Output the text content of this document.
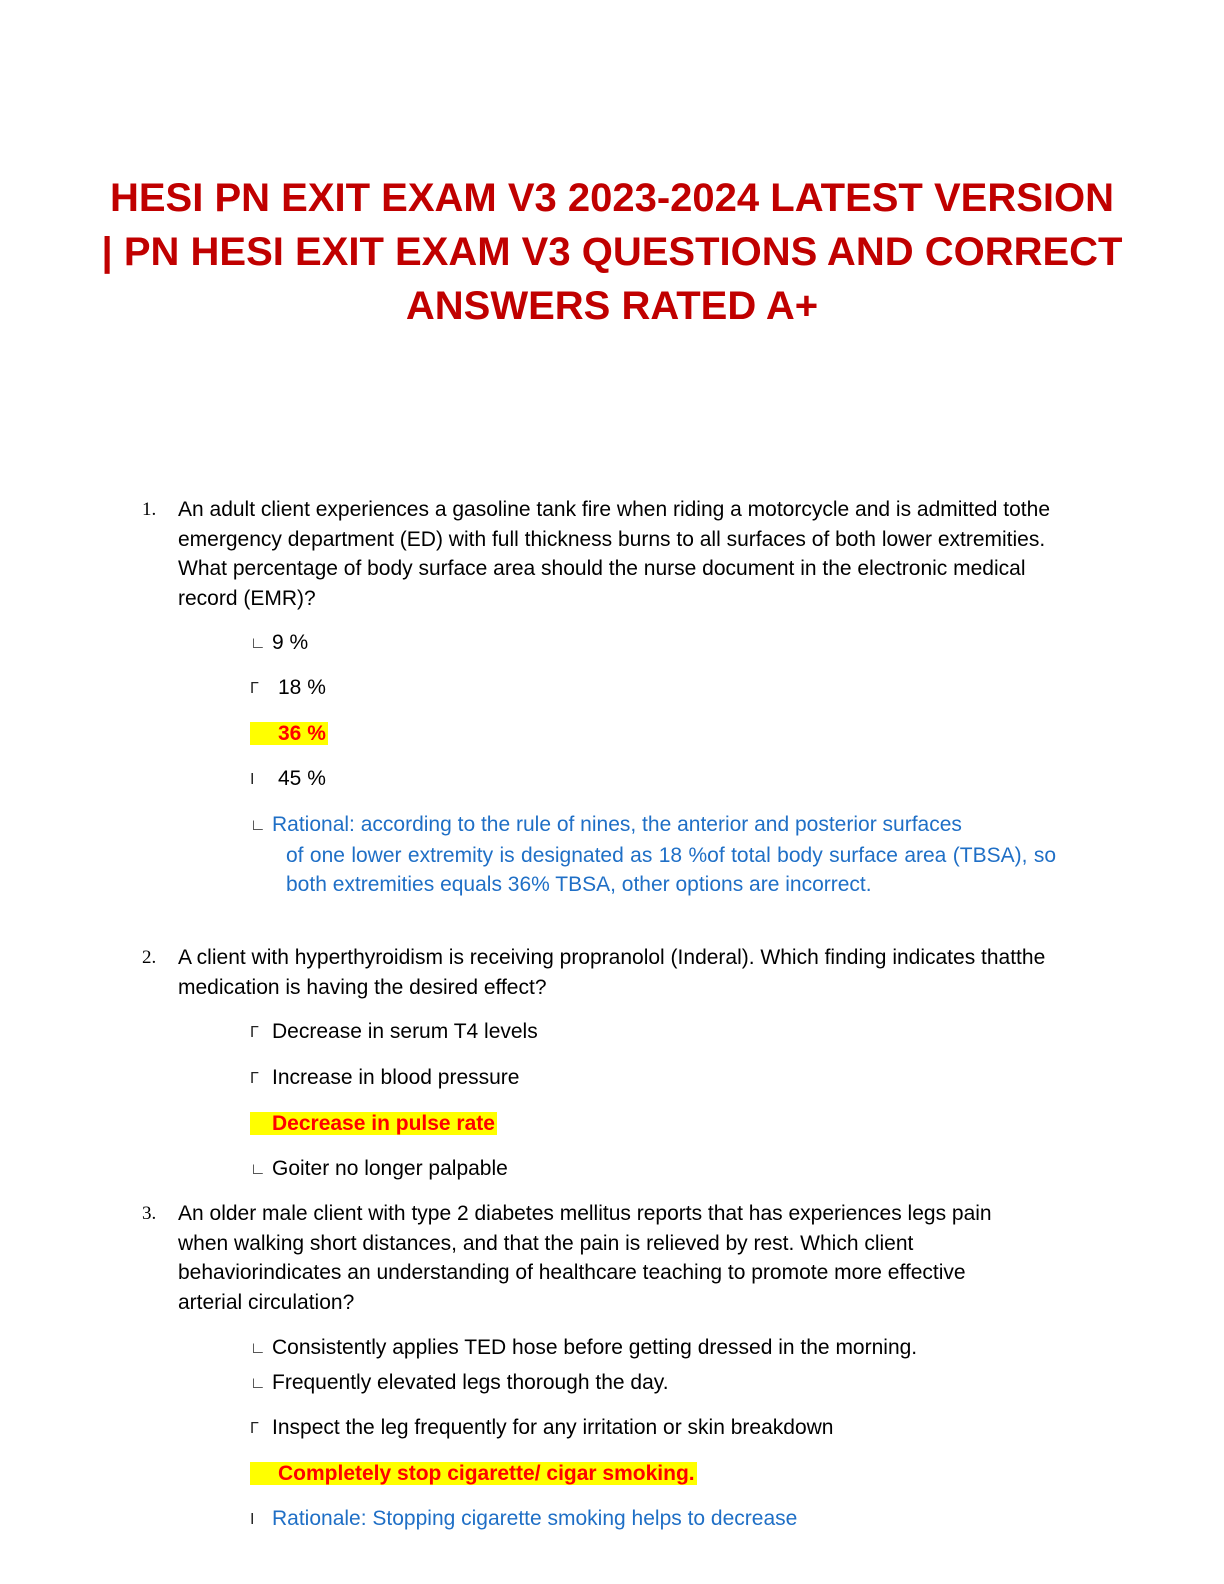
HESI PN EXIT EXAM V3 2023-2024 LATEST VERSION | PN HESI EXIT EXAM V3 QUESTIONS AND CORRECT ANSWERS RATED A+
1. An adult client experiences a gasoline tank fire when riding a motorcycle and is admitted tothe emergency department (ED) with full thickness burns to all surfaces of both lower extremities. What percentage of body surface area should the nurse document in the electronic medical record (EMR)?
∟ 9 %
Г 18 %
∟ 36 %
I 45 %
∟ Rational: according to the rule of nines, the anterior and posterior surfaces
of one lower extremity is designated as 18 %of total body surface area (TBSA), so both extremities equals 36% TBSA, other options are incorrect.
2. A client with hyperthyroidism is receiving propranolol (Inderal). Which finding indicates thatthe medication is having the desired effect?
Г Decrease in serum T4 levels
Г Increase in blood pressure
∟ Decrease in pulse rate
∟ Goiter no longer palpable
3. An older male client with type 2 diabetes mellitus reports that has experiences legs pain when walking short distances, and that the pain is relieved by rest. Which client behaviorindicates an understanding of healthcare teaching to promote more effective arterial circulation?
∟ Consistently applies TED hose before getting dressed in the morning.
∟ Frequently elevated legs thorough the day.
Г Inspect the leg frequently for any irritation or skin breakdown
∟ Completely stop cigarette/ cigar smoking.
I Rationale: Stopping cigarette smoking helps to decrease
